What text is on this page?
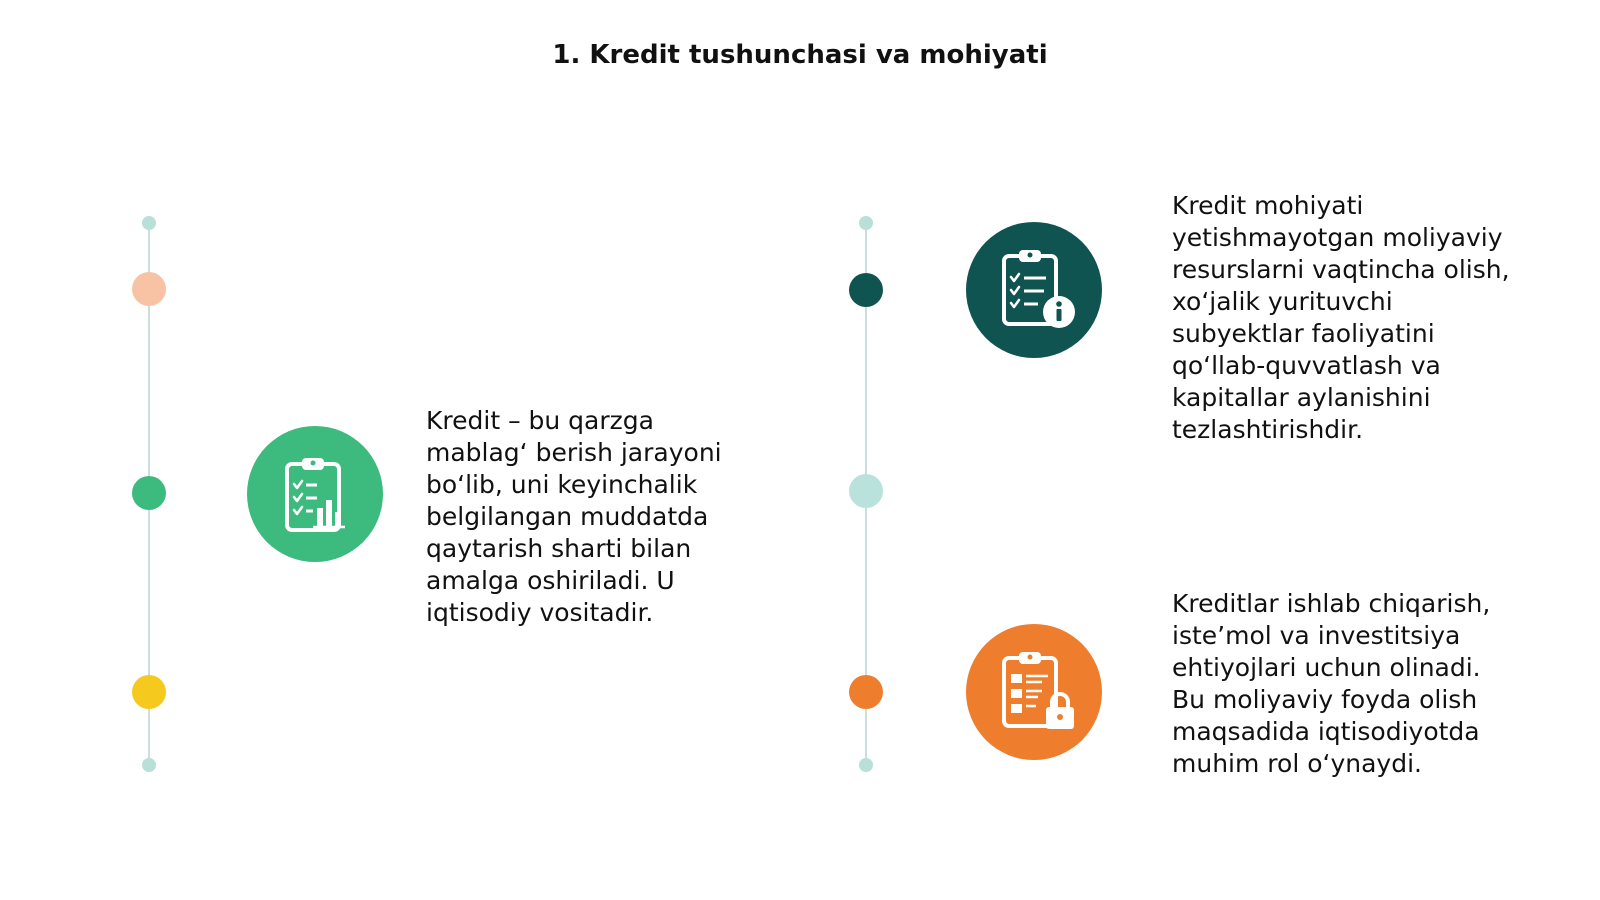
1. Kredit tushunchasi va mohiyati

Kredit – bu qarzga
mablag‘ berish jarayoni
bo‘lib, uni keyinchalik
belgilangan muddatda
qaytarish sharti bilan
amalga oshiriladi. U
iqtisodiy vositadir.

Kredit mohiyati
yetishmayotgan moliyaviy
resurslarni vaqtincha olish,
xo‘jalik yurituvchi
subyektlar faoliyatini
qo‘llab-quvvatlash va
kapitallar aylanishini
tezlashtirishdir.

Kreditlar ishlab chiqarish,
iste’mol va investitsiya
ehtiyojlari uchun olinadi.
Bu moliyaviy foyda olish
maqsadida iqtisodiyotda
muhim rol o‘ynaydi.
